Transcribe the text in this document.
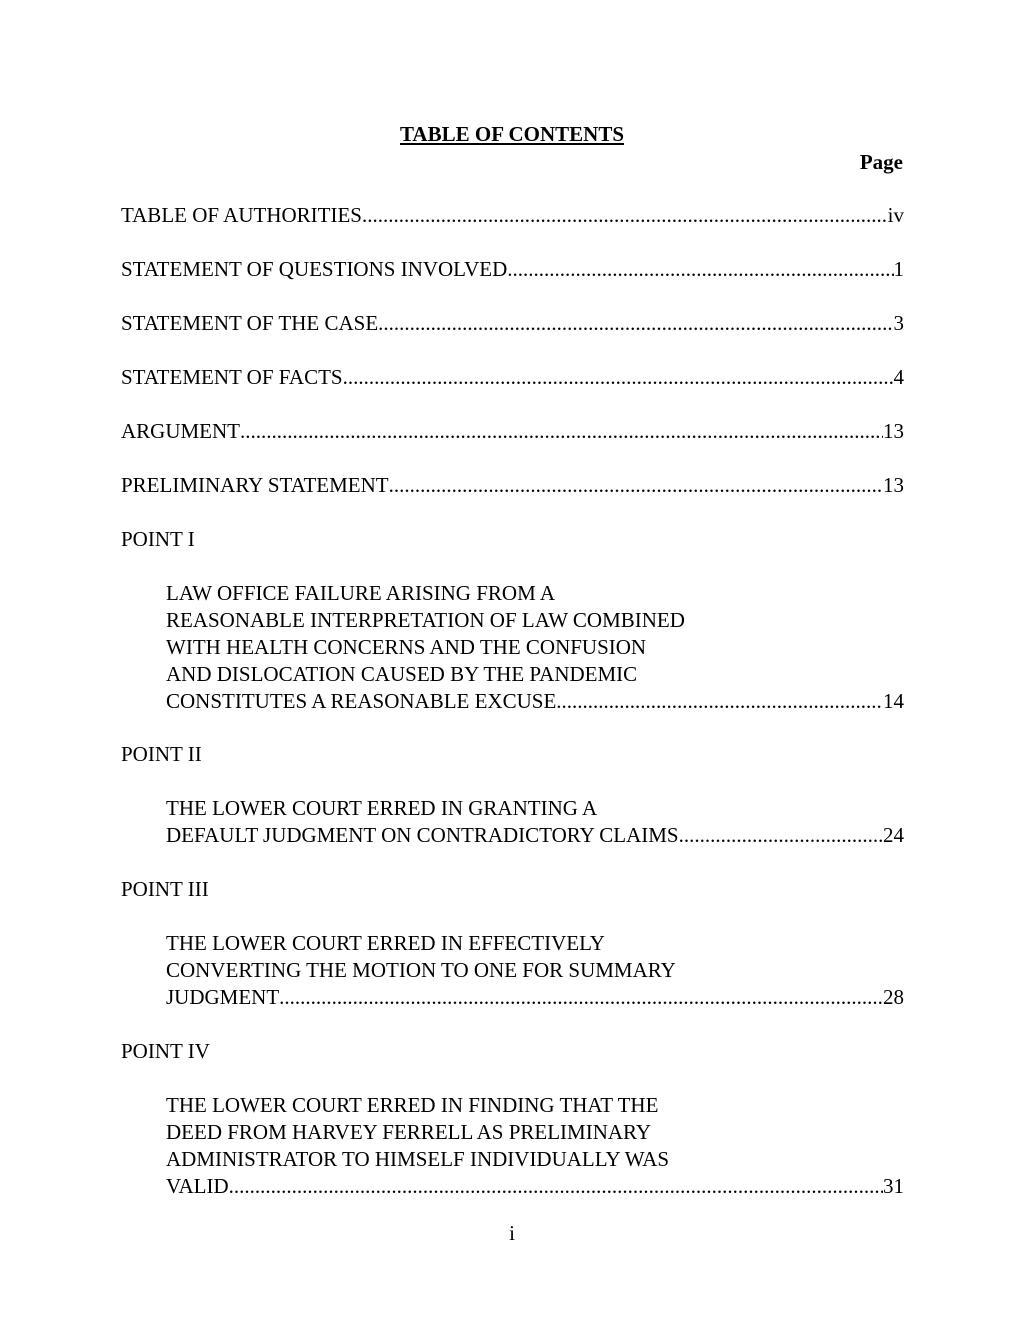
TABLE OF CONTENTS
Page
TABLE OF AUTHORITIES .....	iv
STATEMENT OF QUESTIONS INVOLVED .....	1
STATEMENT OF THE CASE .....	3
STATEMENT OF FACTS .....	4
ARGUMENT .....	13
PRELIMINARY STATEMENT .....	13
POINT I
LAW OFFICE FAILURE ARISING FROM A
REASONABLE INTERPRETATION OF LAW COMBINED
WITH HEALTH CONCERNS AND THE CONFUSION
AND DISLOCATION CAUSED BY THE PANDEMIC
CONSTITUTES A REASONABLE EXCUSE .....	14
POINT II
THE LOWER COURT ERRED IN GRANTING A
DEFAULT JUDGMENT ON CONTRADICTORY CLAIMS .....	24
POINT III
THE LOWER COURT ERRED IN EFFECTIVELY
CONVERTING THE MOTION TO ONE FOR SUMMARY
JUDGMENT .....	28
POINT IV
THE LOWER COURT ERRED IN FINDING THAT THE
DEED FROM HARVEY FERRELL AS PRELIMINARY
ADMINISTRATOR TO HIMSELF INDIVIDUALLY WAS
VALID .....	31
i
